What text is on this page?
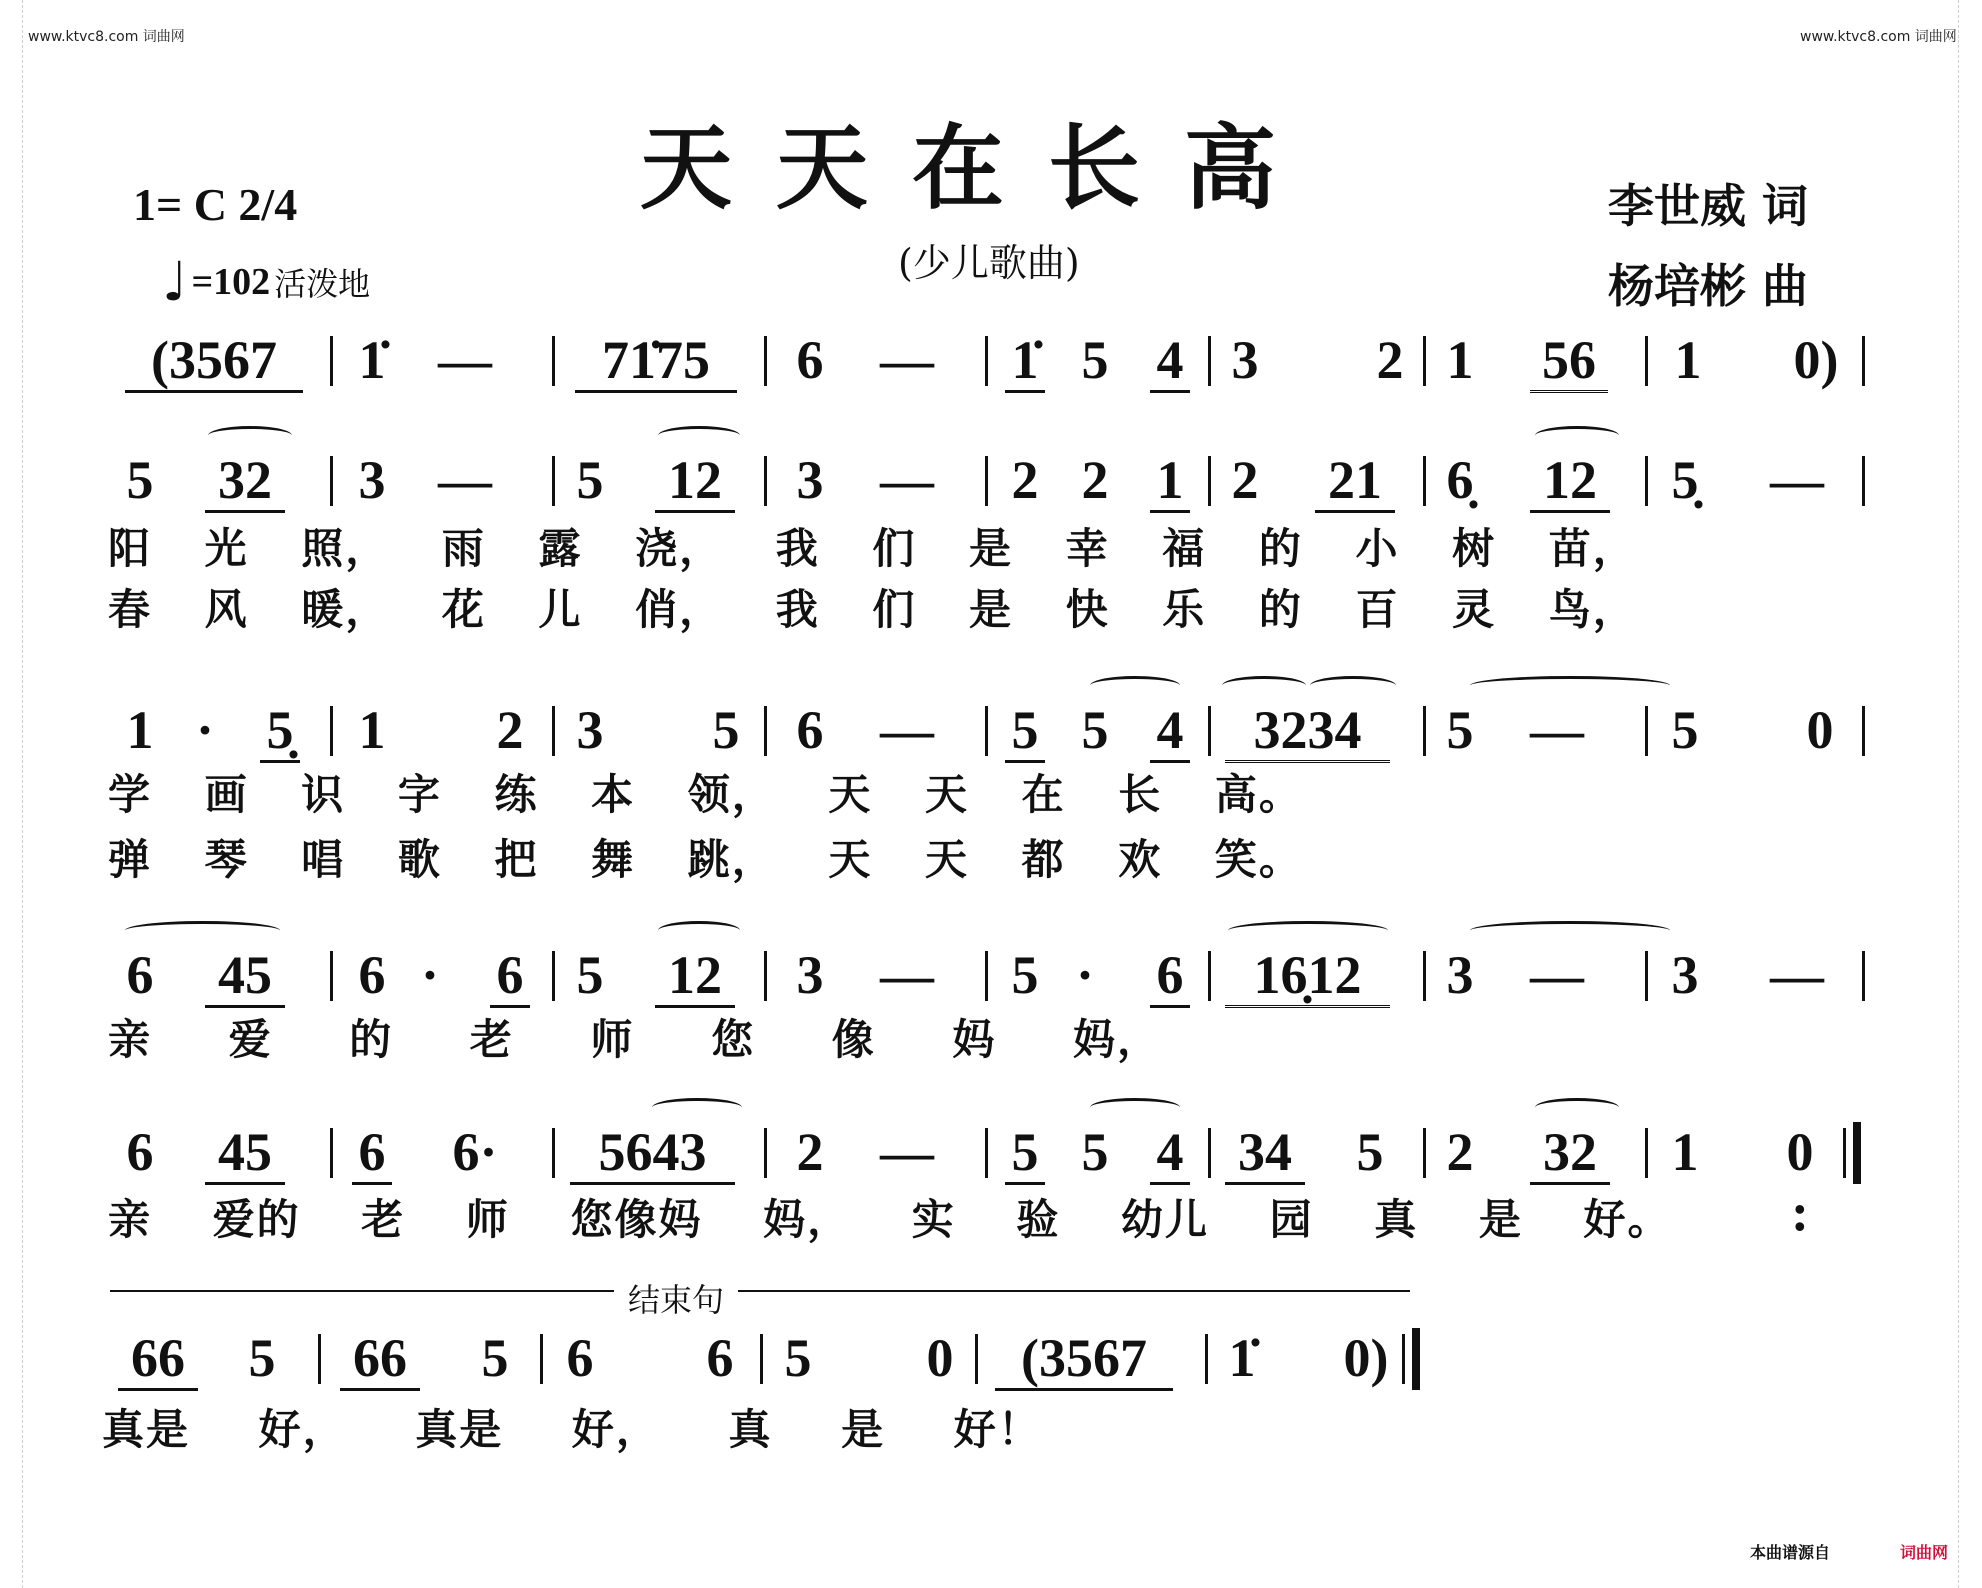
www.ktvc8.com 词曲网	www.ktvc8.com 词曲网
天天在长高
(少儿歌曲)
1= C 2/4
♩ =102 活泼地
李世威 词
杨培彬 曲
(3567	1̇ —	71̇75	6 — 1̇ 5 4 3 2 1 56 1 0)
5 32 3 — 5 12 3 — 2 2 1 2 21 6̣ 12 5̣ —
阳 光 照， 雨 露 浇， 我 们 是 幸 福 的 小 树 苗，
春 风 暖， 花 儿 俏， 我 们 是 快 乐 的 百 灵 鸟，
1 · 5̣ 1 2 3 5 6 — 5 5 4	3234	5 — 5 0
学 画 识 字 练 本 领， 天 天 在 长 高。
弹 琴 唱 歌 把 舞 跳， 天 天 都 欢 笑。
6 45 6 · 6 5 12 3 — 5 · 6	16̣12	3 — 3 —
亲 爱 的 老 师 您 像 妈 妈，
6 45 6 6·	5643	2 — 5 5 4 34 5 2 32 1 0 :
亲 爱的 老 师 您像妈 妈， 实 验 幼儿 园 真 是 好。
结束句
66 5 66 5 6 6 5 0	(3567	1̇ 0)
真是 好， 真是 好， 真 是 好！
本曲谱源自	词曲网
